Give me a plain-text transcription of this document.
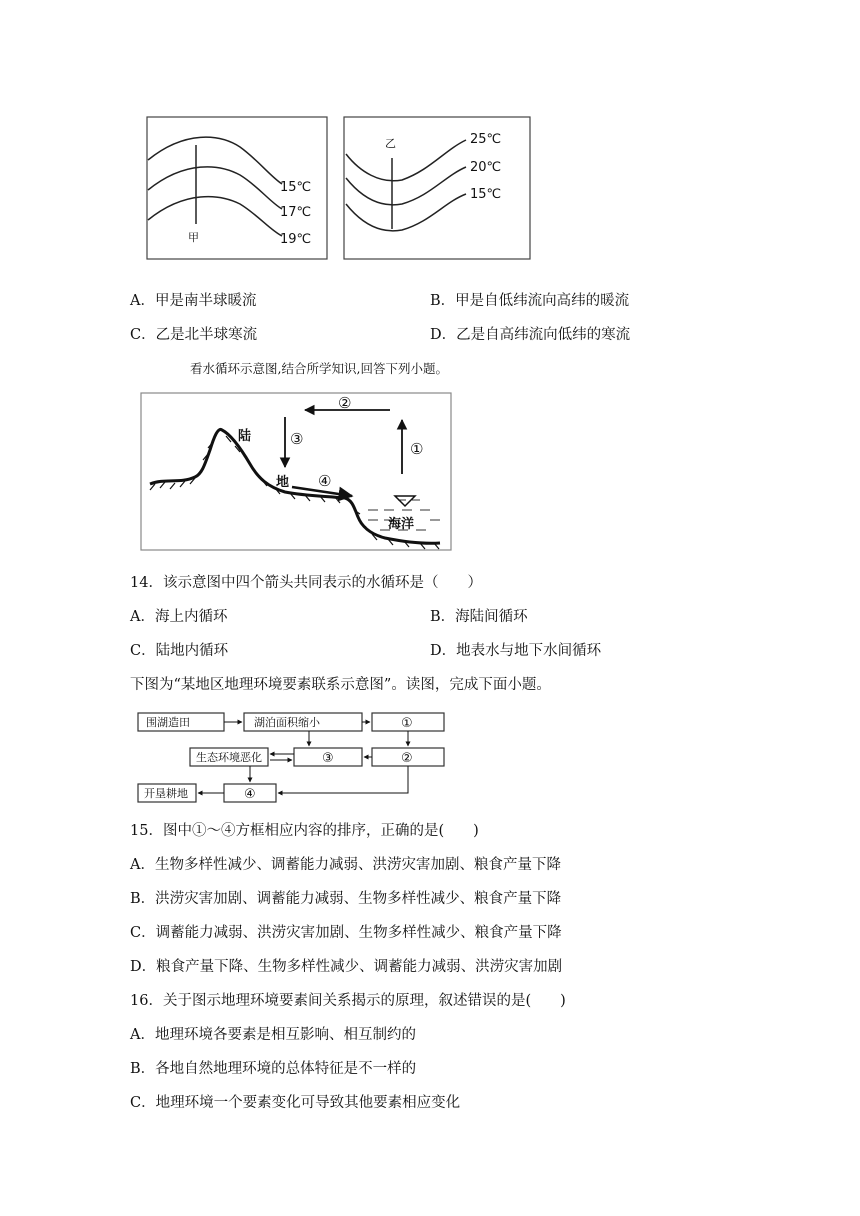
甲
15℃
17℃
19℃
乙	25℃
20℃
15℃
A．甲是南半球暖流	B．甲是自低纬流向高纬的暖流
C．乙是北半球寒流	D．乙是自高纬流向低纬的寒流
看水循环示意图,结合所学知识,回答下列小题。
①
②
③
④
陆
地
海洋
14．该示意图中四个箭头共同表示的水循环是（　　）
A．海上内循环	B．海陆间循环
C．陆地内循环	D．地表水与地下水间循环
下图为“某地区地理环境要素联系示意图”。读图，完成下面小题。
围湖造田	湖泊面积缩小	①
生态环境恶化	③	②
开垦耕地	④
15．图中①～④方框相应内容的排序，正确的是(　　)
A．生物多样性减少、调蓄能力减弱、洪涝灾害加剧、粮食产量下降
B．洪涝灾害加剧、调蓄能力减弱、生物多样性减少、粮食产量下降
C．调蓄能力减弱、洪涝灾害加剧、生物多样性减少、粮食产量下降
D．粮食产量下降、生物多样性减少、调蓄能力减弱、洪涝灾害加剧
16．关于图示地理环境要素间关系揭示的原理，叙述错误的是(　　)
A．地理环境各要素是相互影响、相互制约的
B．各地自然地理环境的总体特征是不一样的
C．地理环境一个要素变化可导致其他要素相应变化
